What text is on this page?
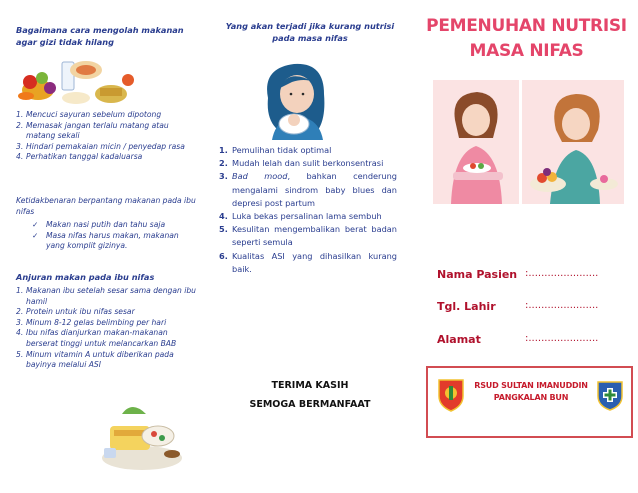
Bagaimana cara mengolah makanan agar gizi tidak hilang
1. Mencuci sayuran sebelum dipotong
2. Memasak jangan terlalu matang atau matang sekali
3. Hindari pemakaian micin / penyedap rasa
4. Perhatikan tanggal kadaluarsa
Ketidakbenaran berpantang makanan pada ibu nifas
✓ Makan nasi putih dan tahu saja
✓ Masa nifas harus makan, makanan yang komplit gizinya.
Anjuran makan pada ibu nifas
1. Makanan ibu setelah sesar sama dengan ibu hamil
2. Protein untuk ibu nifas sesar
3. Minum 8-12 gelas belimbing per hari
4. Ibu nifas dianjurkan makan-makanan berserat tinggi untuk melancarkan BAB
5. Minum vitamin A untuk diberikan pada bayinya melalui ASI
Yang akan terjadi jika kurang nutrisi pada masa nifas
1. Pemulihan tidak optimal
2. Mudah lelah dan sulit berkonsentrasi
3. Bad mood, bahkan cenderung mengalami sindrom baby blues dan depresi post partum
4. Luka bekas persalinan lama sembuh
5. Kesulitan mengembalikan berat badan seperti semula
6. Kualitas ASI yang dihasilkan kurang baik.
TERIMA KASIH
SEMOGA BERMANFAAT
PEMENUHAN NUTRISI
MASA NIFAS
Nama Pasien :......................
Tgl. Lahir	:......................
Alamat	:......................
RSUD SULTAN IMANUDDIN
PANGKALAN BUN
